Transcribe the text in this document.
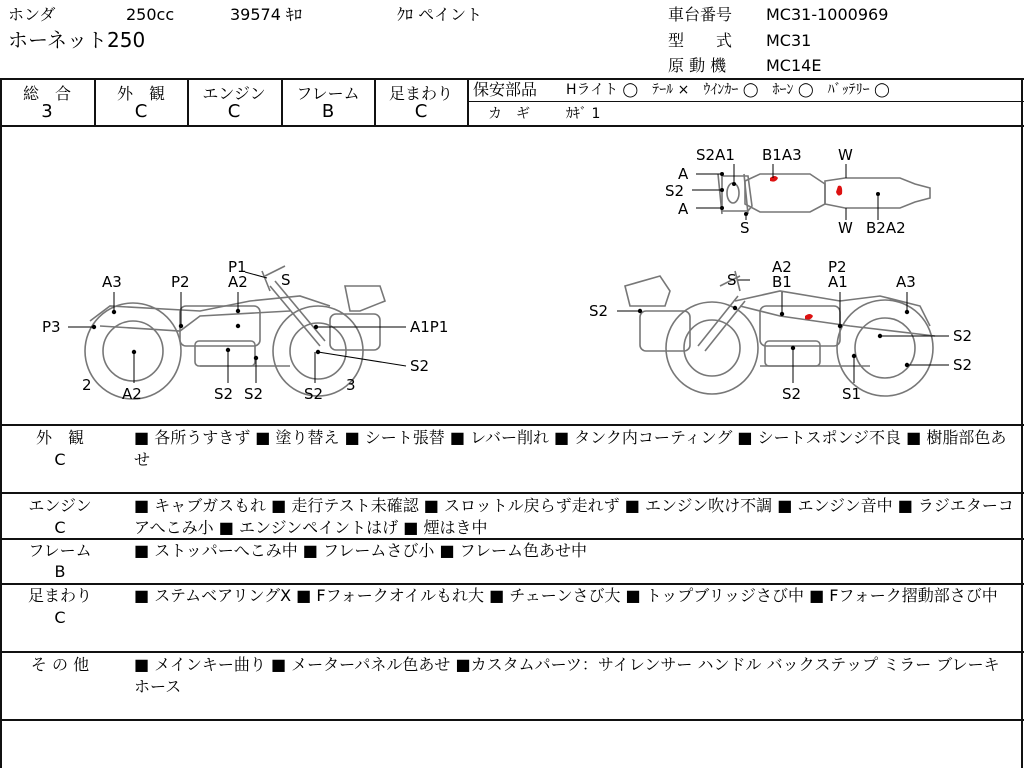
ホンダ	250cc	39574 ｷﾛ	ｸﾛ ペイント
ホーネット250
車台番号 MC31-1000969
型　　式 MC31
原 動 機 MC14E
総　合
3
外　観
C
エンジン
C
フレーム
B
足まわり
C
保安部品 Hライト ◯　ﾃｰﾙ ×　ｳｲﾝｶｰ ◯　ﾎｰﾝ ◯　ﾊﾞｯﾃﾘｰ ◯
カ　ギ	ｶｷﾞ 1
P1
S
A3	P2	A2
P3	A1P1
2 A2	S2 S2
S2
S2 3
A2 P2
S B1 A1	A3
S2
S2
S2
S2	S1
S2A1 B1A3 W
A
S2
A
S	W B2A2
外　観
C
■ 各所うすきず ■ 塗り替え ■ シート張替 ■ レバー削れ ■ タンク内コーティング ■ シートスポンジ不良 ■ 樹脂部色あせ
エンジン
C
■ キャブガスもれ ■ 走行テスト未確認 ■ スロットル戻らず走れず ■ エンジン吹け不調 ■ エンジン音中 ■ ラジエターコアへこみ小 ■ エンジンペイントはげ ■ 煙はき中
フレーム
B
■ ストッパーへこみ中 ■ フレームさび小 ■ フレーム色あせ中
足まわり
C
■ ステムベアリングX ■ Fフォークオイルもれ大 ■ チェーンさび大 ■ トップブリッジさび中 ■ Fフォーク摺動部さび中
そ の 他	■ メインキー曲り ■ メーターパネル色あせ ■カスタムパーツ：サイレンサー ハンドル バックステップ ミラー ブレーキホース
